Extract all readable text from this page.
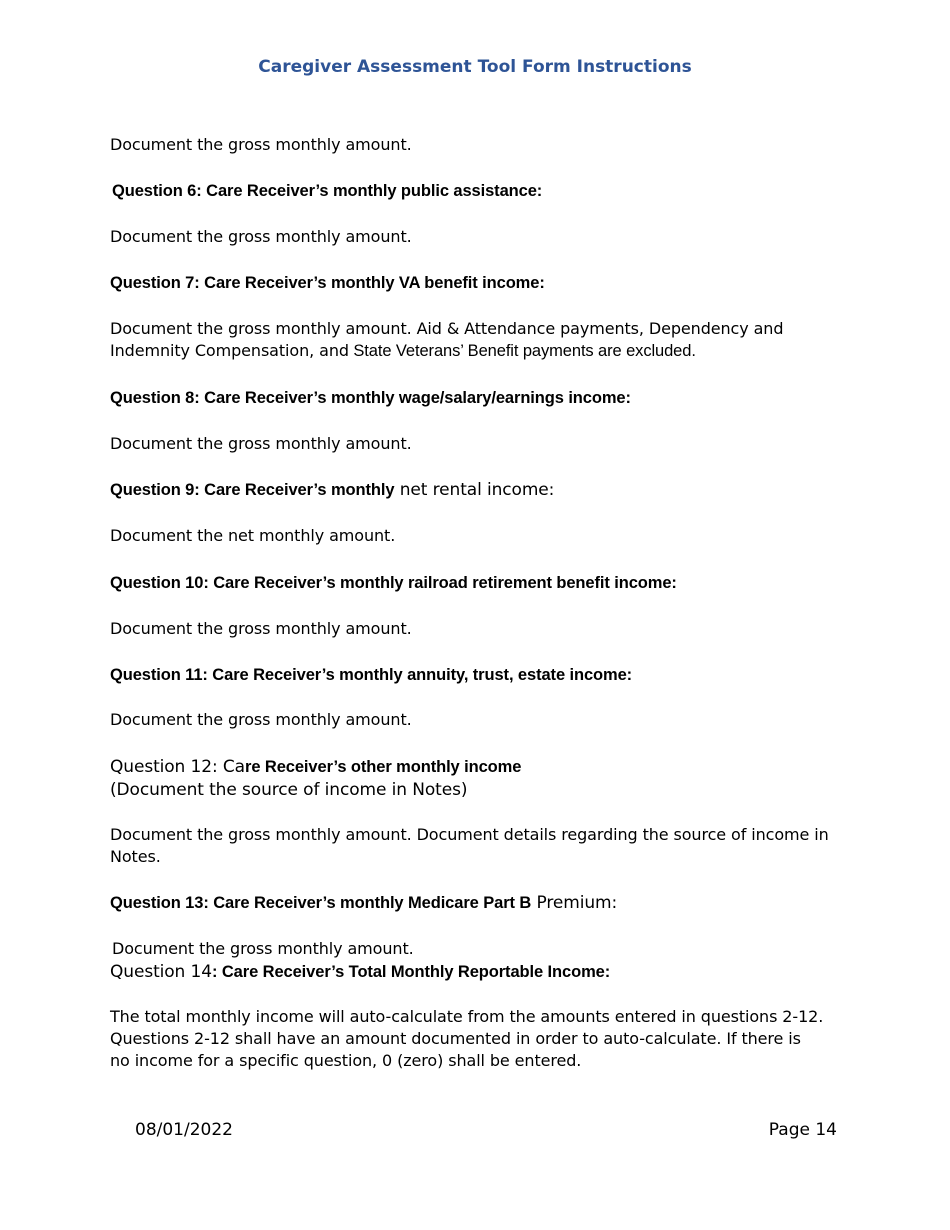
Caregiver Assessment Tool Form Instructions
Document the gross monthly amount.
Question 6: Care Receiver’s monthly public assistance:
Document the gross monthly amount.
Question 7: Care Receiver’s monthly VA benefit income:
Document the gross monthly amount. Aid & Attendance payments, Dependency and Indemnity Compensation, and State Veterans’ Benefit payments are excluded.
Question 8: Care Receiver’s monthly wage/salary/earnings income:
Document the gross monthly amount.
Question 9: Care Receiver’s monthly net rental income:
Document the net monthly amount.
Question 10: Care Receiver’s monthly railroad retirement benefit income:
Document the gross monthly amount.
Question 11: Care Receiver’s monthly annuity, trust, estate income:
Document the gross monthly amount.
Question 12: Care Receiver’s other monthly income
(Document the source of income in Notes)
Document the gross monthly amount. Document details regarding the source of income in Notes.
Question 13: Care Receiver’s monthly Medicare Part B Premium:
Document the gross monthly amount.
Question 14: Care Receiver’s Total Monthly Reportable Income:
The total monthly income will auto-calculate from the amounts entered in questions 2-12. Questions 2-12 shall have an amount documented in order to auto-calculate. If there is no income for a specific question, 0 (zero) shall be entered.
08/01/2022	Page 14
